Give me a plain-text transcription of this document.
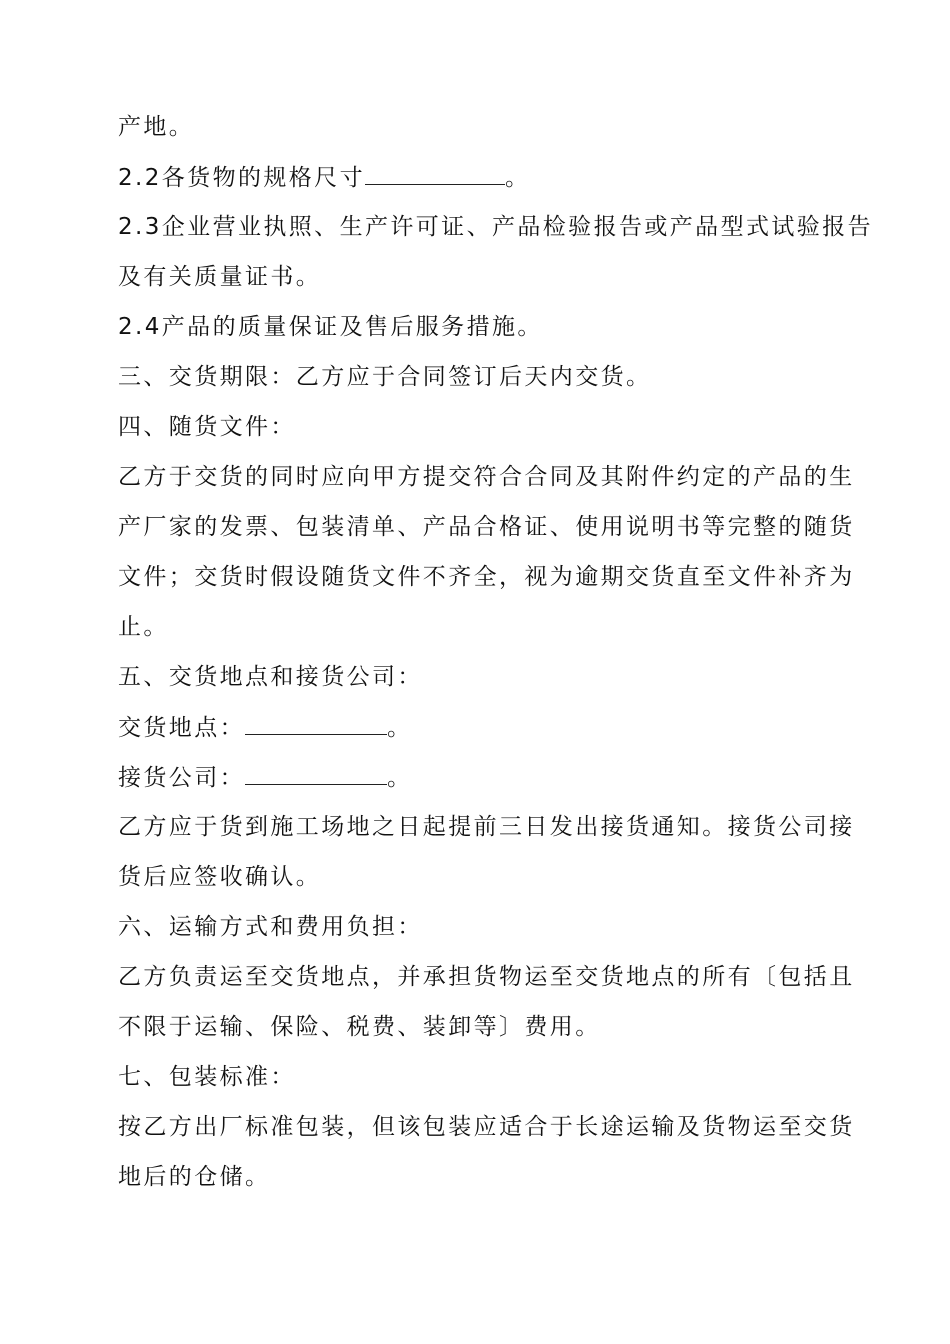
产地。
2.2各货物的规格尺寸	。
2.3企业营业执照、生产许可证、产品检验报告或产品型式试验报告
及有关质量证书。
2.4产品的质量保证及售后服务措施。
三、交货期限：乙方应于合同签订后天内交货。
四、随货文件：
乙方于交货的同时应向甲方提交符合合同及其附件约定的产品的生
产厂家的发票、包装清单、产品合格证、使用说明书等完整的随货
文件；交货时假设随货文件不齐全，视为逾期交货直至文件补齐为
止。
五、交货地点和接货公司：
交货地点：	。
接货公司：	。
乙方应于货到施工场地之日起提前三日发出接货通知。接货公司接
货后应签收确认。
六、运输方式和费用负担：
乙方负责运至交货地点，并承担货物运至交货地点的所有〔包括且
不限于运输、保险、税费、装卸等〕费用。
七、包装标准：
按乙方出厂标准包装，但该包装应适合于长途运输及货物运至交货
地后的仓储。
